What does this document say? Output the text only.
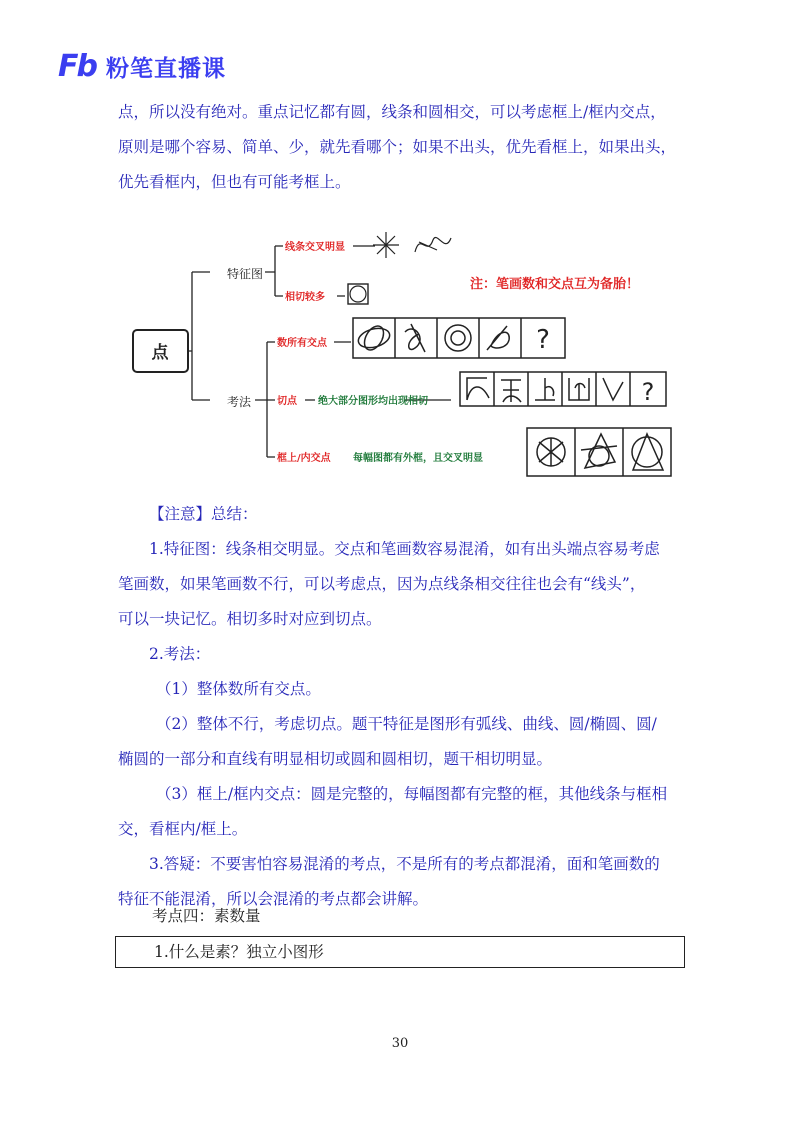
Fb 粉笔直播课

点，所以没有绝对。重点记忆都有圆，线条和圆相交，可以考虑框上/框内交点，

原则是哪个容易、简单、少，就先看哪个；如果不出头，优先看框上，如果出头，

优先看框内，但也有可能考框上。

点
特征图
考法
线条交叉明显
相切较多
注：笔画数和交点互为备胎！
数所有交点
切点
框上/内交点
绝大部分图形均出现相切
每幅图都有外框，且交叉明显
?
?

【注意】总结：

1.特征图：线条相交明显。交点和笔画数容易混淆，如有出头端点容易考虑

笔画数，如果笔画数不行，可以考虑点，因为点线条相交往往也会有“线头”，

可以一块记忆。相切多时对应到切点。

2.考法：

（1）整体数所有交点。

（2）整体不行，考虑切点。题干特征是图形有弧线、曲线、圆/椭圆、圆/

椭圆的一部分和直线有明显相切或圆和圆相切，题干相切明显。

（3）框上/框内交点：圆是完整的，每幅图都有完整的框，其他线条与框相

交，看框内/框上。

3.答疑：不要害怕容易混淆的考点，不是所有的考点都混淆，面和笔画数的

特征不能混淆，所以会混淆的考点都会讲解。

考点四：素数量
1.什么是素？独立小图形
30
